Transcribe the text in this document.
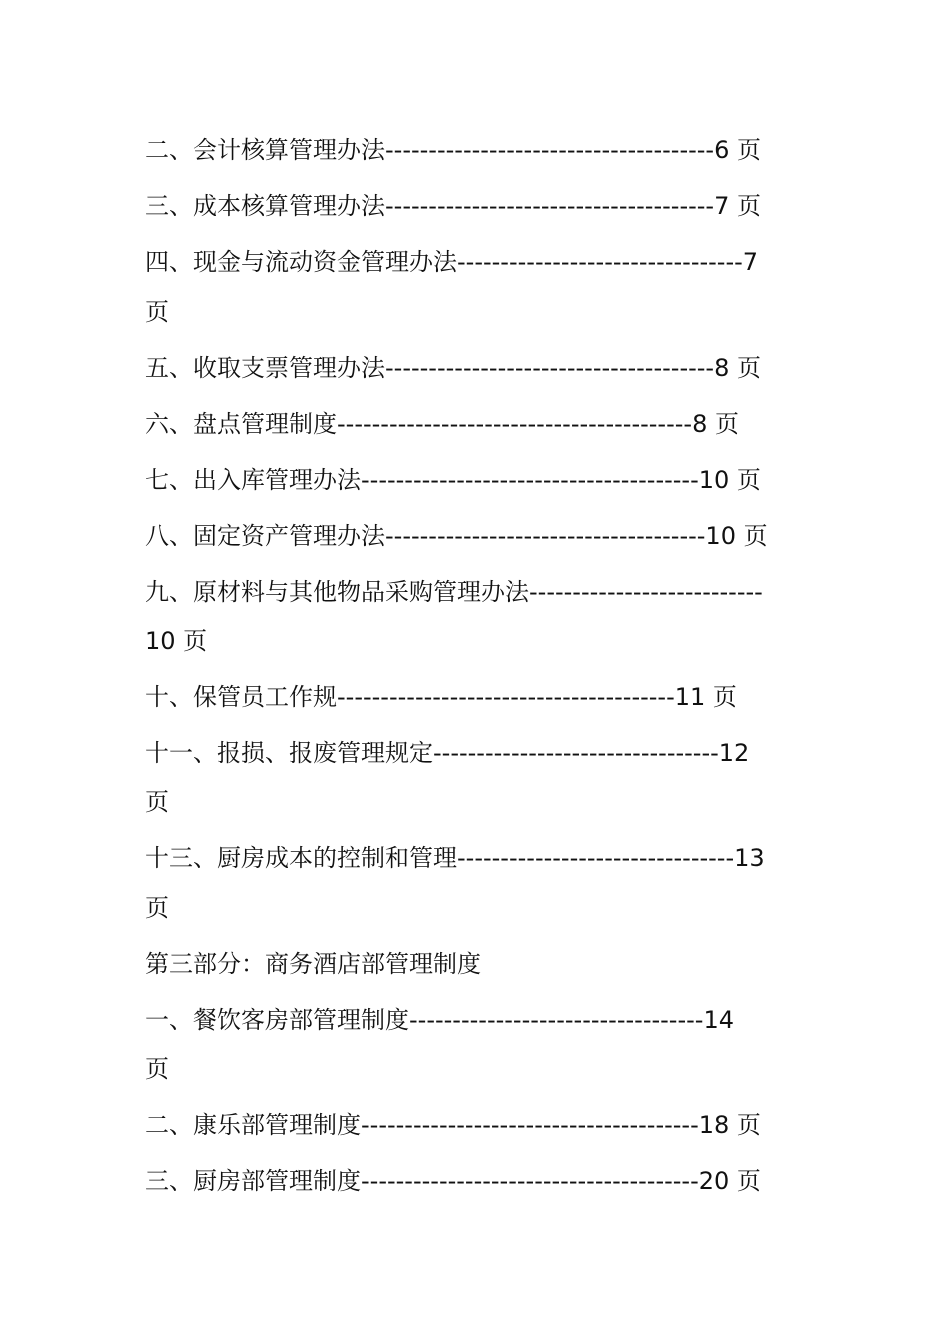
二、会计核算管理办法--------------------------------------6 页

三、成本核算管理办法--------------------------------------7 页

四、现金与流动资金管理办法---------------------------------7

页

五、收取支票管理办法--------------------------------------8 页

六、盘点管理制度-----------------------------------------8 页

七、出入库管理办法---------------------------------------10 页

八、固定资产管理办法-------------------------------------10 页

九、原材料与其他物品采购管理办法---------------------------

10 页

十、保管员工作规---------------------------------------11 页

十一、报损、报废管理规定---------------------------------12

页

十三、厨房成本的控制和管理--------------------------------13

页

第三部分：商务酒店部管理制度

一、餐饮客房部管理制度----------------------------------14

页

二、康乐部管理制度---------------------------------------18 页

三、厨房部管理制度---------------------------------------20 页
